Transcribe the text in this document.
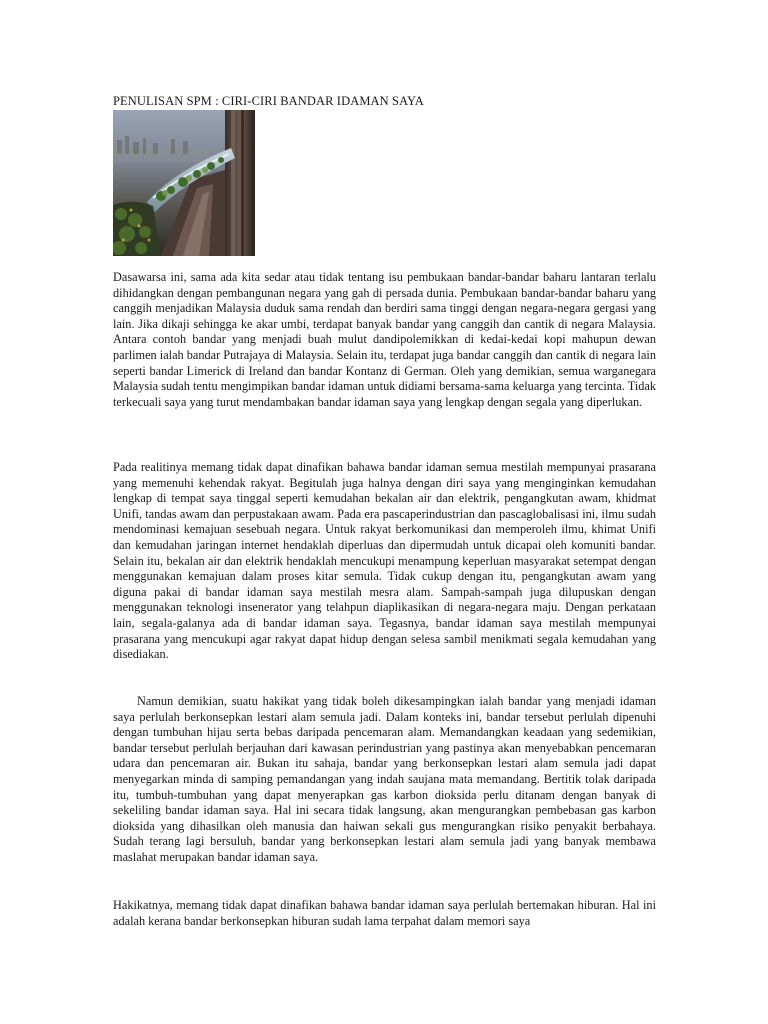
PENULISAN SPM : CIRI-CIRI BANDAR IDAMAN SAYA

Dasawarsa ini, sama ada kita sedar atau tidak tentang isu pembukaan bandar-bandar baharu lantaran terlalu dihidangkan dengan pembangunan negara yang gah di persada dunia. Pembukaan bandar-bandar baharu yang canggih menjadikan Malaysia duduk sama rendah dan berdiri sama tinggi dengan negara-negara gergasi yang lain. Jika dikaji sehingga ke akar umbi, terdapat banyak bandar yang canggih dan cantik di negara Malaysia. Antara contoh bandar yang menjadi buah mulut dandipolemikkan di kedai-kedai kopi mahupun dewan parlimen ialah bandar Putrajaya di Malaysia. Selain itu, terdapat juga bandar canggih dan cantik di negara lain seperti bandar Limerick di Ireland dan bandar Kontanz di German. Oleh yang demikian, semua warganegara Malaysia sudah tentu mengimpikan bandar idaman untuk didiami bersama-sama keluarga yang tercinta. Tidak terkecuali saya yang turut mendambakan bandar idaman saya yang lengkap dengan segala yang diperlukan.

Pada realitinya memang tidak dapat dinafikan bahawa bandar idaman semua mestilah mempunyai prasarana yang memenuhi kehendak rakyat. Begitulah juga halnya dengan diri saya yang menginginkan kemudahan lengkap di tempat saya tinggal seperti kemudahan bekalan air dan elektrik, pengangkutan awam, khidmat Unifi, tandas awam dan perpustakaan awam. Pada era pascaperindustrian dan pascaglobalisasi ini, ilmu sudah mendominasi kemajuan sesebuah negara. Untuk rakyat berkomunikasi dan memperoleh ilmu, khimat Unifi dan kemudahan jaringan internet hendaklah diperluas dan dipermudah untuk dicapai oleh komuniti bandar. Selain itu, bekalan air dan elektrik hendaklah mencukupi menampung keperluan masyarakat setempat dengan menggunakan kemajuan dalam proses kitar semula. Tidak cukup dengan itu, pengangkutan awam yang diguna pakai di bandar idaman saya mestilah mesra alam. Sampah-sampah juga dilupuskan dengan menggunakan teknologi insenerator yang telahpun diaplikasikan di negara-negara maju. Dengan perkataan lain, segala-galanya ada di bandar idaman saya. Tegasnya, bandar idaman saya mestilah mempunyai prasarana yang mencukupi agar rakyat dapat hidup dengan selesa sambil menikmati segala kemudahan yang disediakan.

Namun demikian, suatu hakikat yang tidak boleh dikesampingkan ialah bandar yang menjadi idaman saya perlulah berkonsepkan lestari alam semula jadi. Dalam konteks ini, bandar tersebut perlulah dipenuhi dengan tumbuhan hijau serta bebas daripada pencemaran alam. Memandangkan keadaan yang sedemikian, bandar tersebut perlulah berjauhan dari kawasan perindustrian yang pastinya akan menyebabkan pencemaran udara dan pencemaran air. Bukan itu sahaja, bandar yang berkonsepkan lestari alam semula jadi dapat menyegarkan minda di samping pemandangan yang indah saujana mata memandang. Bertitik tolak daripada itu, tumbuh-tumbuhan yang dapat menyerapkan gas karbon dioksida perlu ditanam dengan banyak di sekeliling bandar idaman saya. Hal ini secara tidak langsung, akan mengurangkan pembebasan gas karbon dioksida yang dihasilkan oleh manusia dan haiwan sekali gus mengurangkan risiko penyakit berbahaya. Sudah terang lagi bersuluh, bandar yang berkonsepkan lestari alam semula jadi yang banyak membawa maslahat merupakan bandar idaman saya.

Hakikatnya, memang tidak dapat dinafikan bahawa bandar idaman saya perlulah bertemakan hiburan. Hal ini adalah kerana bandar berkonsepkan hiburan sudah lama terpahat dalam memori saya
